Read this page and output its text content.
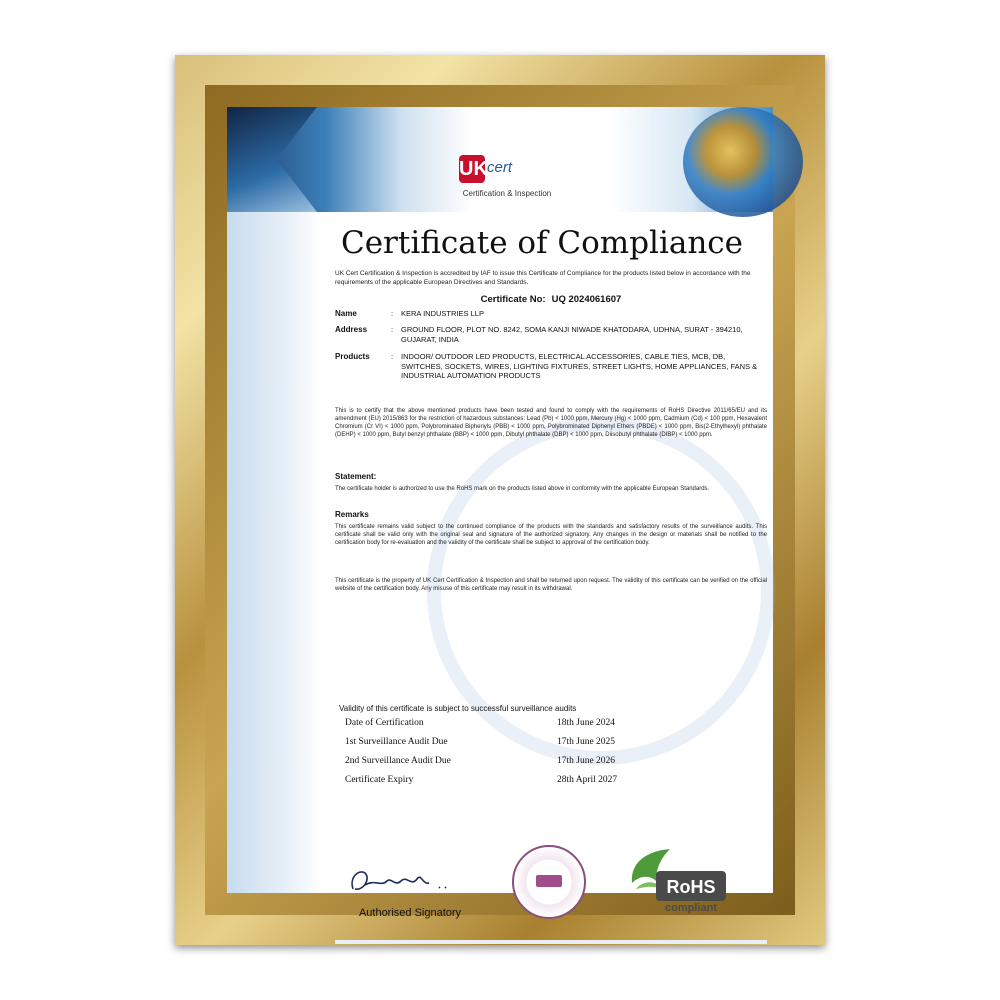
UK cert
Certification & Inspection
Certificate of Compliance
UK Cert Certification & Inspection is accredited by IAF to issue this Certificate of Compliance for the products listed below in accordance with the requirements of the applicable European Directives and Standards.
Certificate No: UQ 2024061607
Name	: KERA INDUSTRIES LLP
Address	: GROUND FLOOR, PLOT NO. 8242, SOMA KANJI NIWADE KHATODARA, UDHNA, SURAT - 394210, GUJARAT, INDIA
Products	: INDOOR/ OUTDOOR LED PRODUCTS, ELECTRICAL ACCESSORIES, CABLE TIES, MCB, DB, SWITCHES, SOCKETS, WIRES, LIGHTING FIXTURES, STREET LIGHTS, HOME APPLIANCES, FANS & INDUSTRIAL AUTOMATION PRODUCTS
This is to certify that the above mentioned products have been tested and found to comply with the requirements of RoHS Directive 2011/65/EU and its amendment (EU) 2015/863 for the restriction of hazardous substances: Lead (Pb) < 1000 ppm, Mercury (Hg) < 1000 ppm, Cadmium (Cd) < 100 ppm, Hexavalent Chromium (Cr VI) < 1000 ppm, Polybrominated Biphenyls (PBB) < 1000 ppm, Polybrominated Diphenyl Ethers (PBDE) < 1000 ppm, Bis(2-Ethylhexyl) phthalate (DEHP) < 1000 ppm, Butyl benzyl phthalate (BBP) < 1000 ppm, Dibutyl phthalate (DBP) < 1000 ppm, Diisobutyl phthalate (DIBP) < 1000 ppm.
Statement:
The certificate holder is authorized to use the RoHS mark on the products listed above in conformity with the applicable European Standards.
Remarks
This certificate remains valid subject to the continued compliance of the products with the standards and satisfactory results of the surveillance audits. This certificate shall be valid only with the original seal and signature of the authorized signatory. Any changes in the design or materials shall be notified to the certification body for re-evaluation and the validity of the certificate shall be subject to approval of the certification body.
This certificate is the property of UK Cert Certification & Inspection and shall be returned upon request. The validity of this certificate can be verified on the official website of the certification body. Any misuse of this certificate may result in its withdrawal.
Validity of this certificate is subject to successful surveillance audits
Date of Certification	18th June 2024
1st Surveillance Audit Due	17th June 2025
2nd Surveillance Audit Due	17th June 2026
Certificate Expiry	28th April 2027
Authorised Signatory
RoHS
compliant
